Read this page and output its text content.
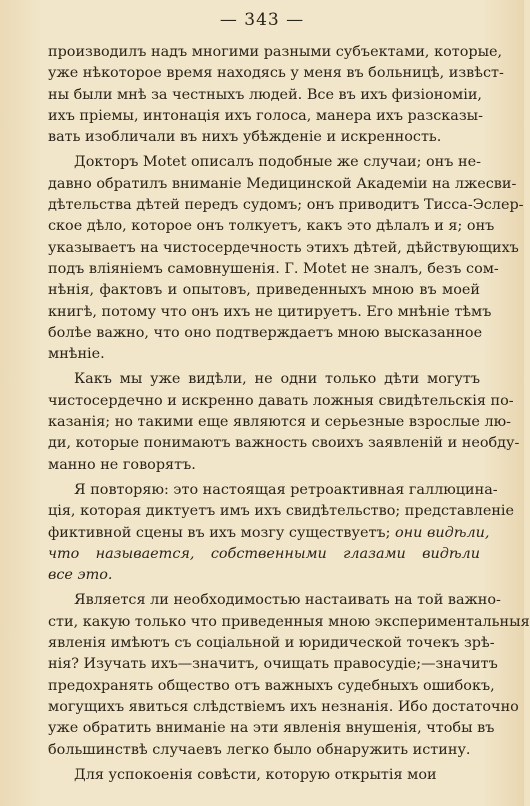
— 343 —
производилъ надъ многими разными субъектами, которые,
уже нѣкоторое время находясь у меня въ больницѣ, извѣст-
ны были мнѣ за честныхъ людей. Все въ ихъ физіономіи,
ихъ пріемы, интонація ихъ голоса, манера ихъ разсказы-
вать изобличали въ нихъ убѣжденіе и искренность.
Докторъ Motet описалъ подобные же случаи; онъ не-
давно обратилъ вниманіе Медицинской Академіи на лжесви-
дѣтельства дѣтей передъ судомъ; онъ приводитъ Тисса-Эслер-
ское дѣло, которое онъ толкуетъ, какъ это дѣлалъ и я; онъ
указываетъ на чистосердечность этихъ дѣтей, дѣйствующихъ
подъ вліяніемъ самовнушенія. Г. Motet не зналъ, безъ сом-
нѣнія, фактовъ и опытовъ, приведенныхъ мною въ моей
книгѣ, потому что онъ ихъ не цитируетъ. Его мнѣніе тѣмъ
болѣе важно, что оно подтверждаетъ мною высказанное
мнѣніе.
Какъ мы уже видѣли, не одни только дѣти могутъ
чистосердечно и искренно давать ложныя свидѣтельскія по-
казанія; но такими еще являются и серьезные взрослые лю-
ди, которые понимаютъ важность своихъ заявленій и необду-
манно не говорятъ.
Я повторяю: это настоящая ретроактивная галлюцина-
ція, которая диктуетъ имъ ихъ свидѣтельство; представленіе
фиктивной сцены въ ихъ мозгу существуетъ; они видѣли,
что называется, собственными глазами видѣли
все это.
Является ли необходимостью настаивать на той важно-
сти, какую только что приведенныя мною экспериментальныя
явленія имѣютъ съ соціальной и юридической точекъ зрѣ-
нія? Изучать ихъ—значитъ, очищать правосудіе;—значитъ
предохранять общество отъ важныхъ судебныхъ ошибокъ,
могущихъ явиться слѣдствіемъ ихъ незнанія. Ибо достаточно
уже обратить вниманіе на эти явленія внушенія, чтобы въ
большинствѣ случаевъ легко было обнаружить истину.
Для успокоенія совѣсти, которую открытія мои
